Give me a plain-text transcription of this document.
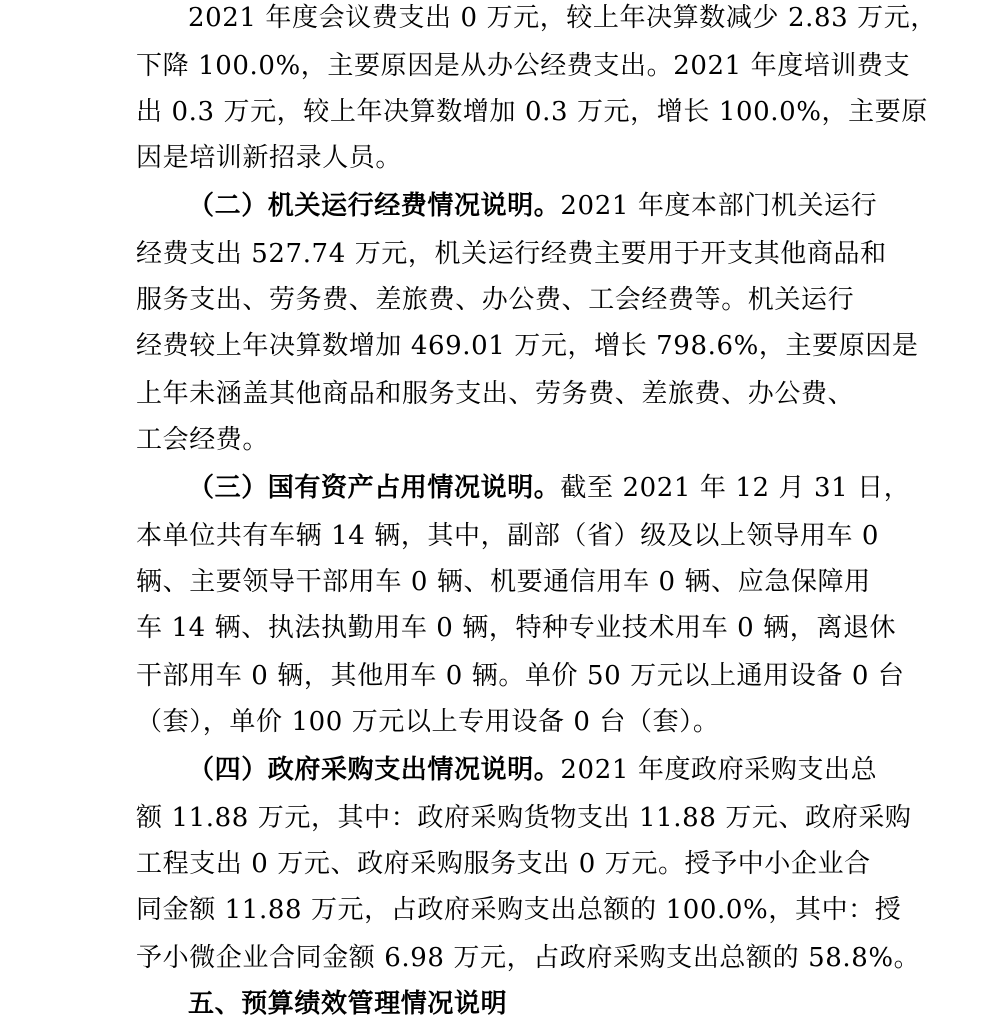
2021 年度会议费支出 0 万元，较上年决算数减少 2.83 万元，
下降 100.0%，主要原因是从办公经费支出。2021 年度培训费支
出 0.3 万元，较上年决算数增加 0.3 万元，增长 100.0%，主要原
因是培训新招录人员。
（二）机关运行经费情况说明。2021 年度本部门机关运行
经费支出 527.74 万元，机关运行经费主要用于开支其他商品和
服务支出、劳务费、差旅费、办公费、工会经费等。机关运行
经费较上年决算数增加 469.01 万元，增长 798.6%，主要原因是
上年未涵盖其他商品和服务支出、劳务费、差旅费、办公费、
工会经费。
（三）国有资产占用情况说明。截至 2021 年 12 月 31 日，
本单位共有车辆 14 辆，其中，副部（省）级及以上领导用车 0
辆、主要领导干部用车 0 辆、机要通信用车 0 辆、应急保障用
车 14 辆、执法执勤用车 0 辆，特种专业技术用车 0 辆，离退休
干部用车 0 辆，其他用车 0 辆。单价 50 万元以上通用设备 0 台
（套），单价 100 万元以上专用设备 0 台（套）。
（四）政府采购支出情况说明。2021 年度政府采购支出总
额 11.88 万元，其中：政府采购货物支出 11.88 万元、政府采购
工程支出 0 万元、政府采购服务支出 0 万元。授予中小企业合
同金额 11.88 万元，占政府采购支出总额的 100.0%，其中：授
予小微企业合同金额 6.98 万元，占政府采购支出总额的 58.8%。
五、预算绩效管理情况说明
